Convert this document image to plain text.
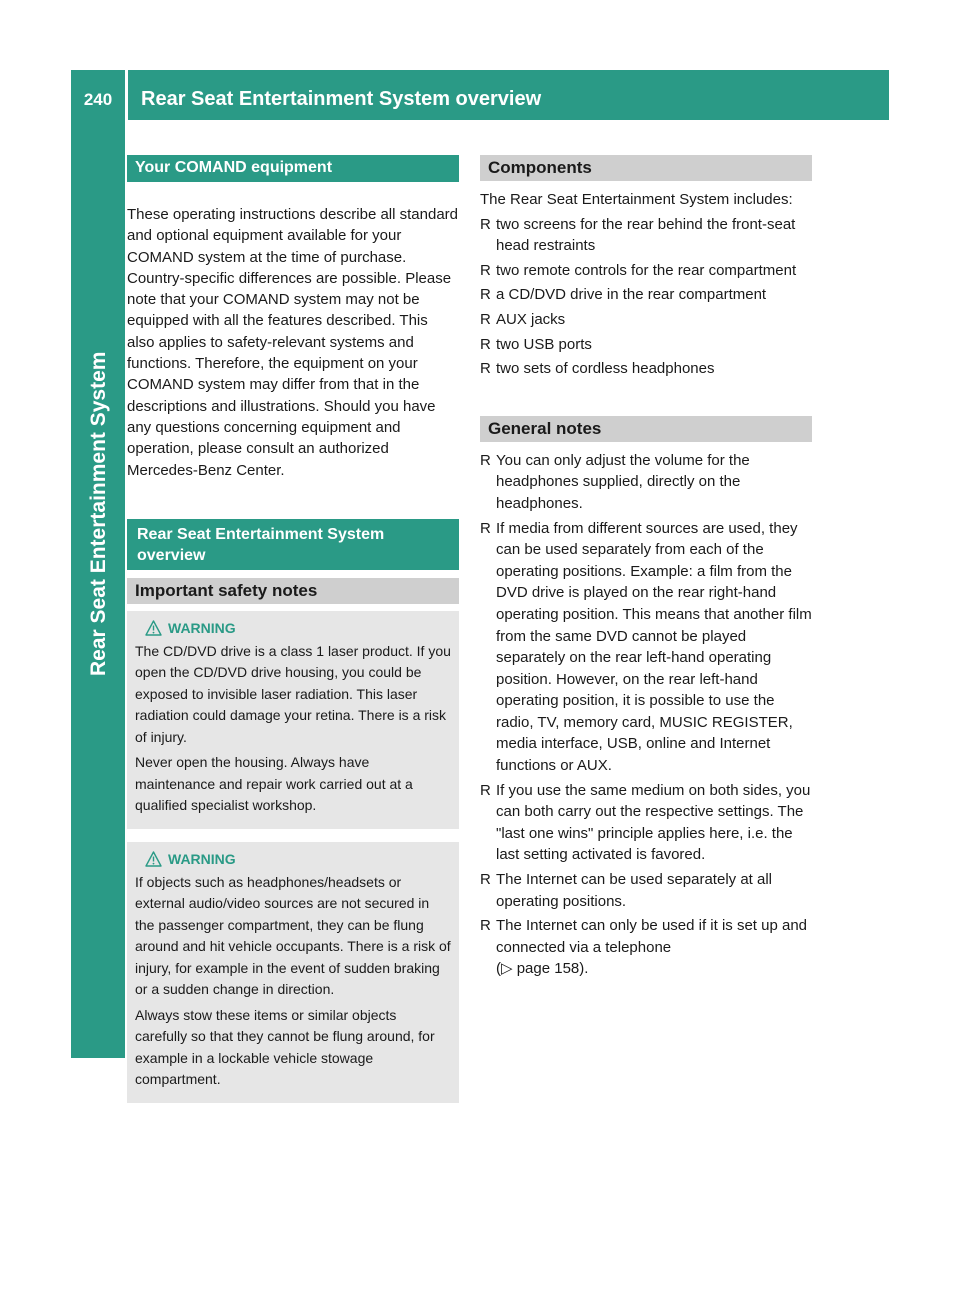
240	Rear Seat Entertainment System overview
Rear Seat Entertainment System
Your COMAND equipment

These operating instructions describe all standard and optional equipment available for your COMAND system at the time of purchase. Country-specific differences are possible. Please note that your COMAND system may not be equipped with all the features described. This also applies to safety-relevant systems and functions. Therefore, the equipment on your COMAND system may differ from that in the descriptions and illustrations. Should you have any questions concerning equipment and operation, please consult an authorized Mercedes-Benz Center.

Rear Seat Entertainment System overview
Important safety notes
WARNING

The CD/DVD drive is a class 1 laser product. If you open the CD/DVD drive housing, you could be exposed to invisible laser radiation. This laser radiation could damage your retina. There is a risk of injury.

Never open the housing. Always have maintenance and repair work carried out at a qualified specialist workshop.

WARNING

If objects such as headphones/headsets or external audio/video sources are not secured in the passenger compartment, they can be flung around and hit vehicle occupants. There is a risk of injury, for example in the event of sudden braking or a sudden change in direction.

Always stow these items or similar objects carefully so that they cannot be flung around, for example in a lockable vehicle stowage compartment.

Components

The Rear Seat Entertainment System includes:

R two screens for the rear behind the front-seat head restraints
R two remote controls for the rear compartment
R a CD/DVD drive in the rear compartment
R AUX jacks
R two USB ports
R two sets of cordless headphones
General notes
R You can only adjust the volume for the headphones supplied, directly on the headphones.
R If media from different sources are used, they can be used separately from each of the operating positions. Example: a film from the DVD drive is played on the rear right-hand operating position. This means that another film from the same DVD cannot be played separately on the rear left-hand operating position. However, on the rear left-hand operating position, it is possible to use the radio, TV, memory card, MUSIC REGISTER, media interface, USB, online and Internet functions or AUX.
R If you use the same medium on both sides, you can both carry out the respective settings. The "last one wins" principle applies here, i.e. the last setting activated is favored.
R The Internet can be used separately at all operating positions.
R The Internet can only be used if it is set up and connected via a telephone
(▷ page 158).
